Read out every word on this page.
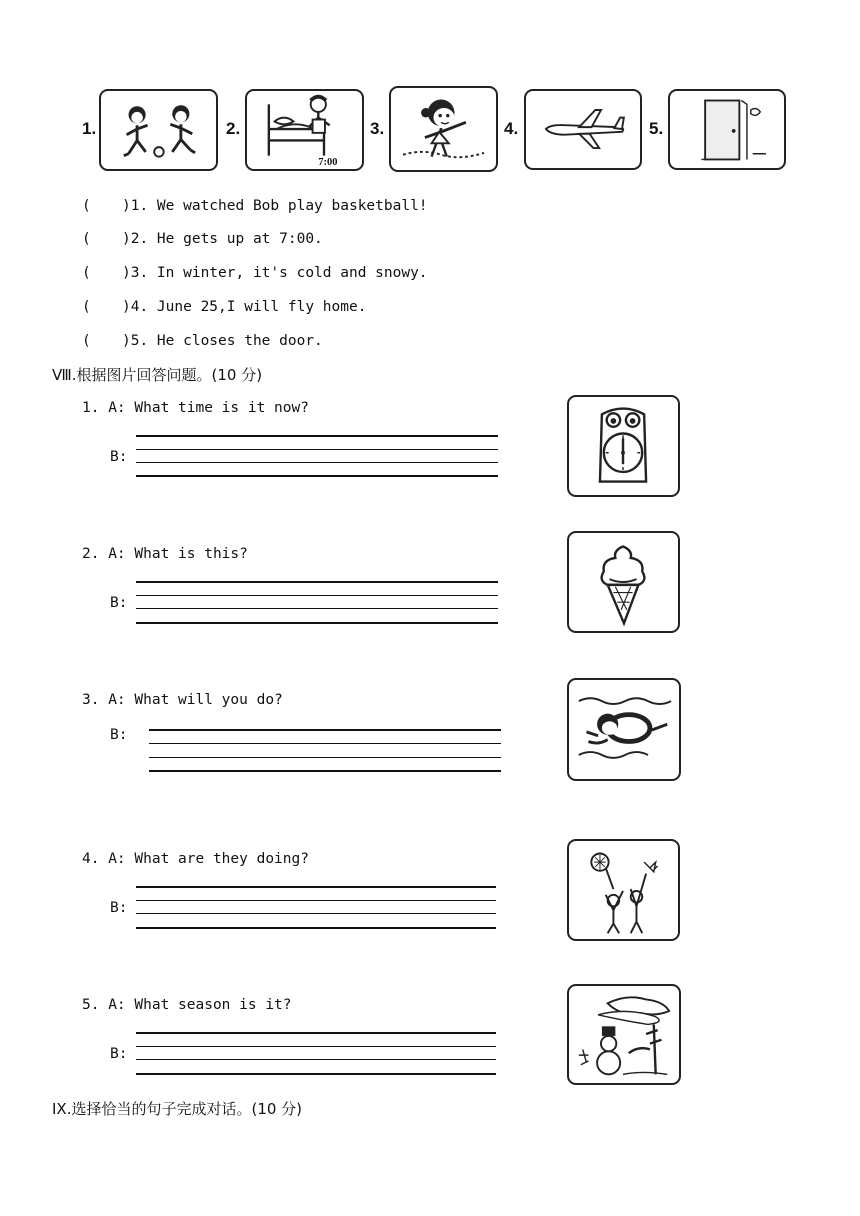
1.	2.
7:00
3.	4.	5.
( )1. We watched Bob play basketball!
( )2. He gets up at 7:00.
( )3. In winter, it's cold and snowy.
( )4. June 25,I will fly home.
( )5. He closes the door.
Ⅷ.根据图片回答问题。(10 分)
1. A: What time is it now?
B:
2. A: What is this?
B:
3. A: What will you do?
B:
4. A: What are they doing?
B:
5. A: What season is it?
B:
IX.选择恰当的句子完成对话。(10 分)
